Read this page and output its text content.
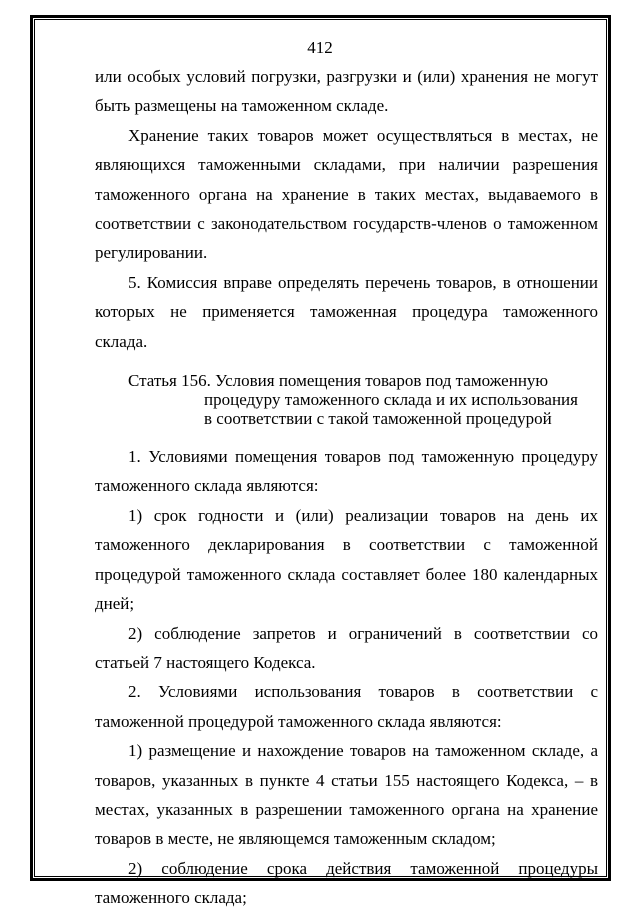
412

или особых условий погрузки, разгрузки и (или) хранения не могут быть размещены на таможенном складе.

Хранение таких товаров может осуществляться в местах, не являющихся таможенными складами, при наличии разрешения таможенного органа на хранение в таких местах, выдаваемого в соответствии с законодательством государств-членов о таможенном регулировании.

5. Комиссия вправе определять перечень товаров, в отношении которых не применяется таможенная процедура таможенного склада.

Статья 156. Условия помещения товаров под таможенную
процедуру таможенного склада и их использования
в соответствии с такой таможенной процедурой

1. Условиями помещения товаров под таможенную процедуру таможенного склада являются:

1) срок годности и (или) реализации товаров на день их таможенного декларирования в соответствии с таможенной процедурой таможенного склада составляет более 180 календарных дней;

2) соблюдение запретов и ограничений в соответствии со статьей 7 настоящего Кодекса.

2. Условиями использования товаров в соответствии с таможенной процедурой таможенного склада являются:

1) размещение и нахождение товаров на таможенном складе, а товаров, указанных в пункте 4 статьи 155 настоящего Кодекса, – в местах, указанных в разрешении таможенного органа на хранение товаров в месте, не являющемся таможенным складом;

2) соблюдение срока действия таможенной процедуры таможенного склада;
